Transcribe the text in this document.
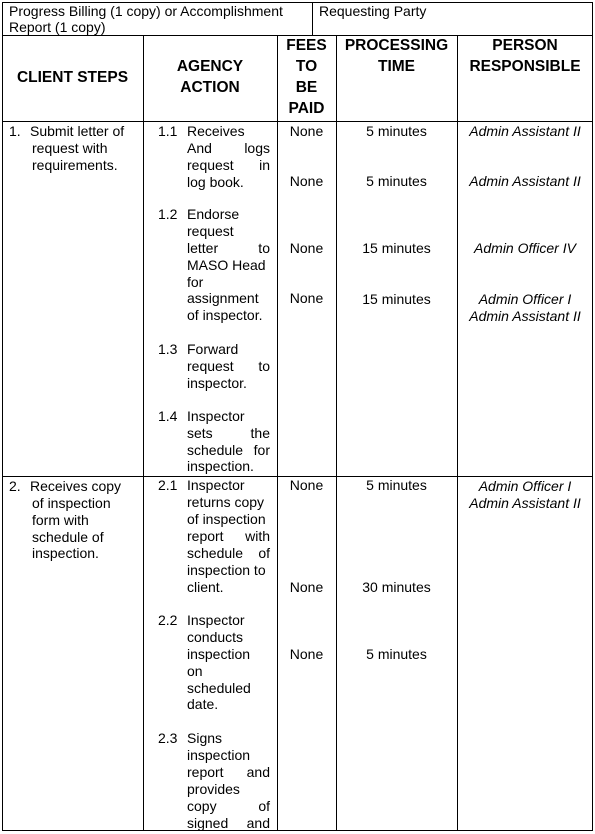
Progress Billing (1 copy) or Accomplishment
Report (1 copy)
Requesting Party
CLIENT STEPS
AGENCY
ACTION
FEES
TO
BE
PAID
PROCESSING
TIME
PERSON
RESPONSIBLE
1. Submit letter of
request with
requirements.
1.1 Receives
And logs
request in
log book.
1.2 Endorse
request
letter to
MASO Head
for
assignment
of inspector.
1.3 Forward
request to
inspector.
1.4 Inspector
sets the
schedule for
inspection.
None
None
None
None
5 minutes
5 minutes
15 minutes
15 minutes
Admin Assistant II
Admin Assistant II
Admin Officer IV
Admin Officer I
Admin Assistant II
2. Receives copy
of inspection
form with
schedule of
inspection.
2.1 Inspector
returns copy
of inspection
report with
schedule of
inspection to
client.
2.2 Inspector
conducts
inspection
on
scheduled
date.
2.3 Signs
inspection
report and
provides
copy of
signed and
None
None
None
5 minutes
30 minutes
5 minutes
Admin Officer I
Admin Assistant II
